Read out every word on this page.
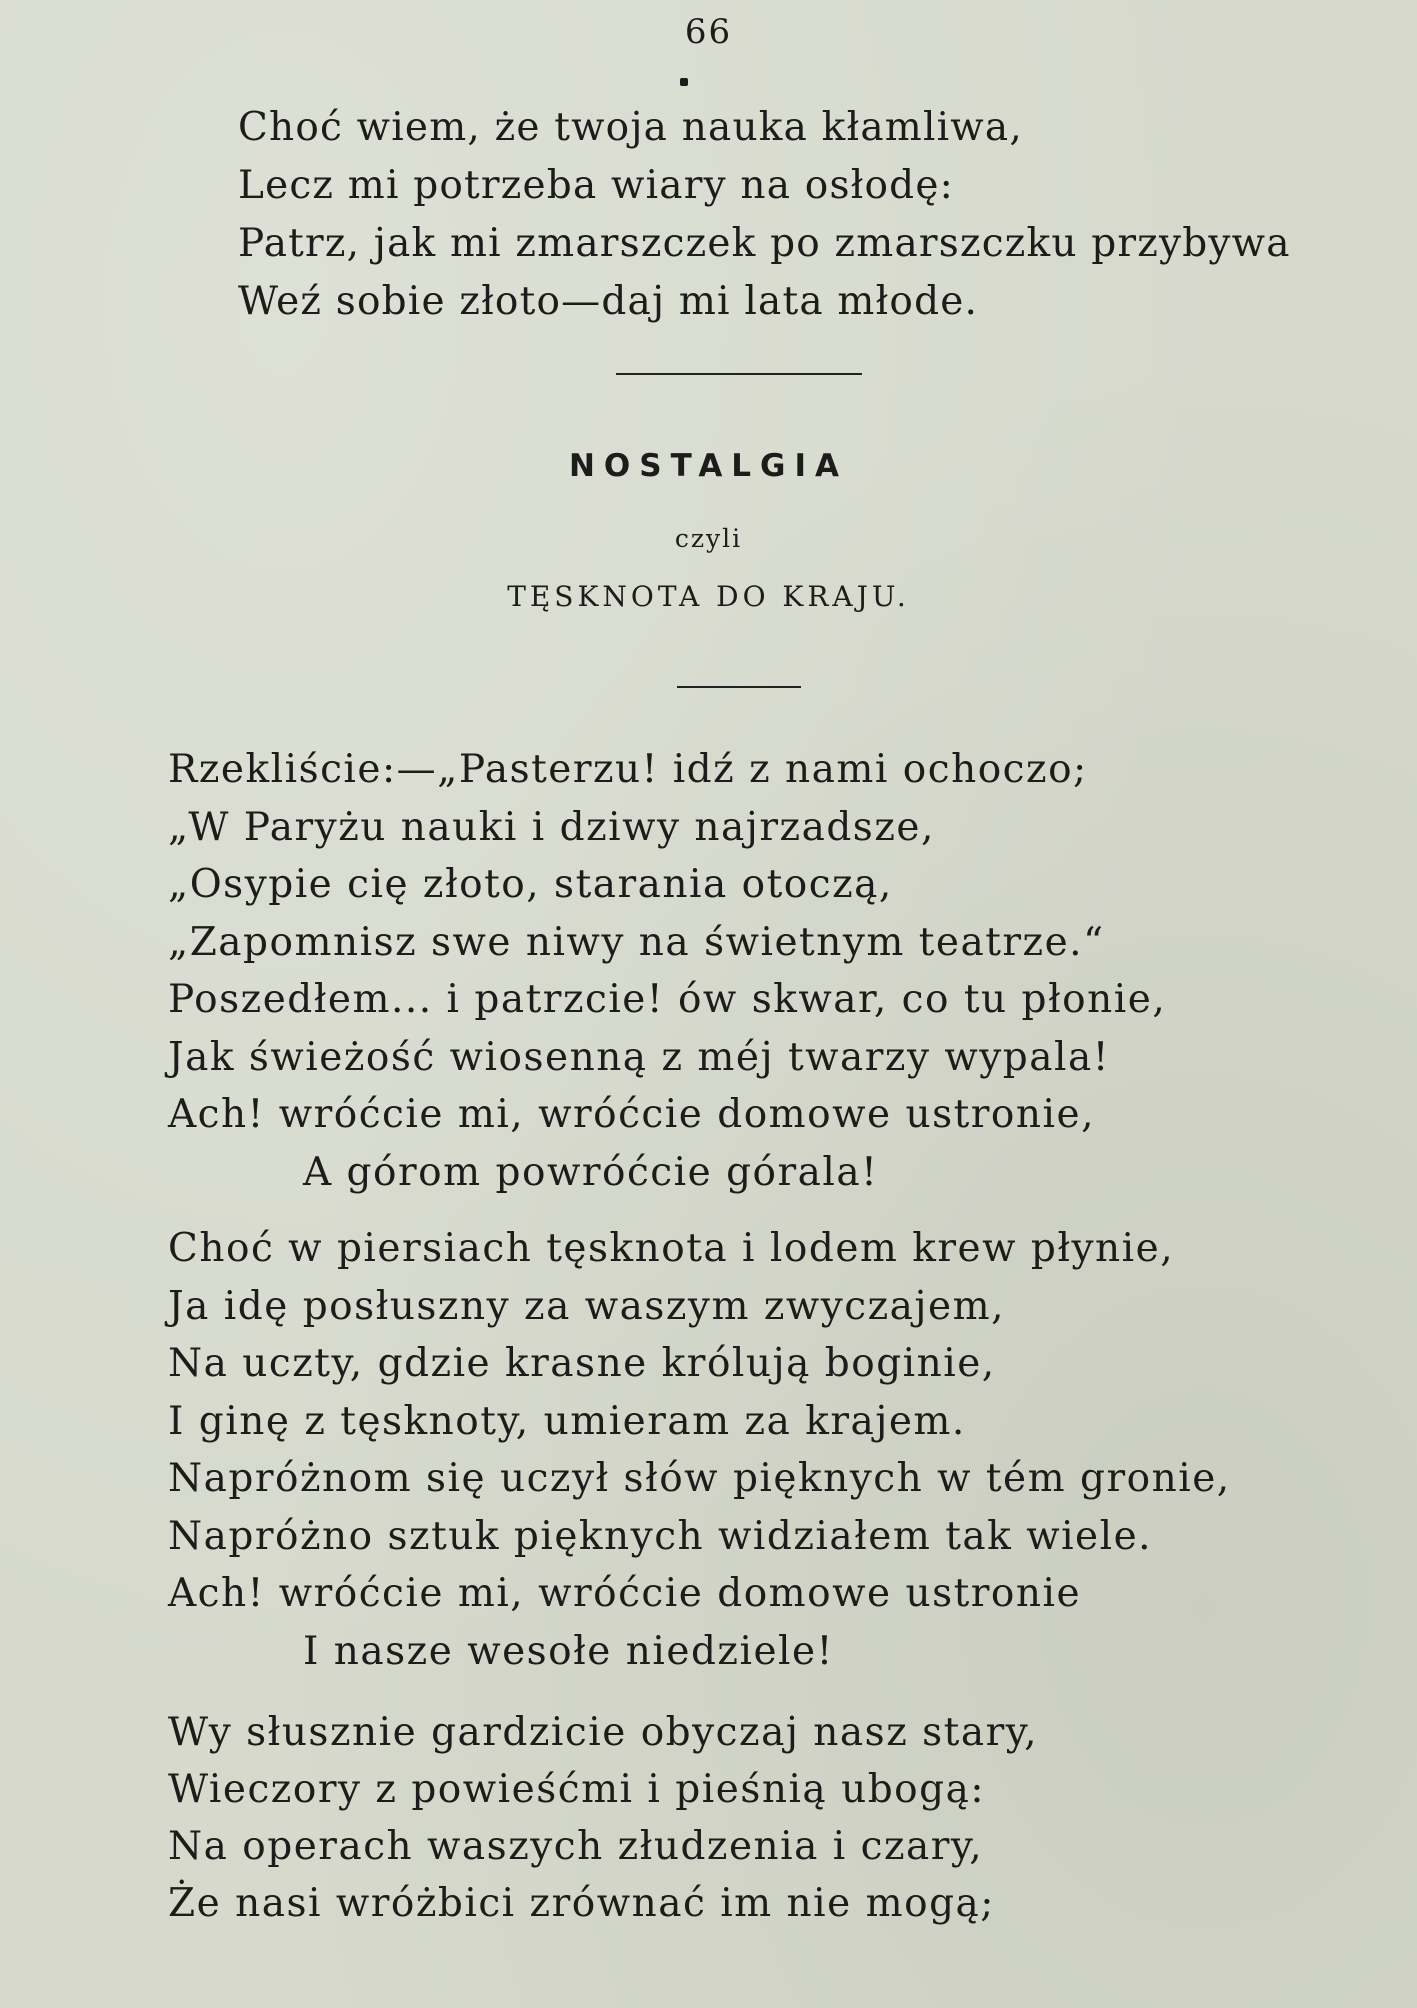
66
Choć wiem, że twoja nauka kłamliwa,
Lecz mi potrzeba wiary na osłodę:
Patrz, jak mi zmarszczek po zmarszczku przybywa
Weź sobie złoto—daj mi lata młode.
NOSTALGIA
czyli
TĘSKNOTA DO KRAJU.
Rzekliście:—„Pasterzu! idź z nami ochoczo;
„W Paryżu nauki i dziwy najrzadsze,
„Osypie cię złoto, starania otoczą,
„Zapomnisz swe niwy na świetnym teatrze.“
Poszedłem... i patrzcie! ów skwar, co tu płonie,
Jak świeżość wiosenną z méj twarzy wypala!
Ach! wróćcie mi, wróćcie domowe ustronie,
A górom powróćcie górala!
Choć w piersiach tęsknota i lodem krew płynie,
Ja idę posłuszny za waszym zwyczajem,
Na uczty, gdzie krasne królują boginie,
I ginę z tęsknoty, umieram za krajem.
Napróżnom się uczył słów pięknych w tém gronie,
Napróżno sztuk pięknych widziałem tak wiele.
Ach! wróćcie mi, wróćcie domowe ustronie
I nasze wesołe niedziele!
Wy słusznie gardzicie obyczaj nasz stary,
Wieczory z powieśćmi i pieśnią ubogą:
Na operach waszych złudzenia i czary,
Że nasi wróżbici zrównać im nie mogą;
